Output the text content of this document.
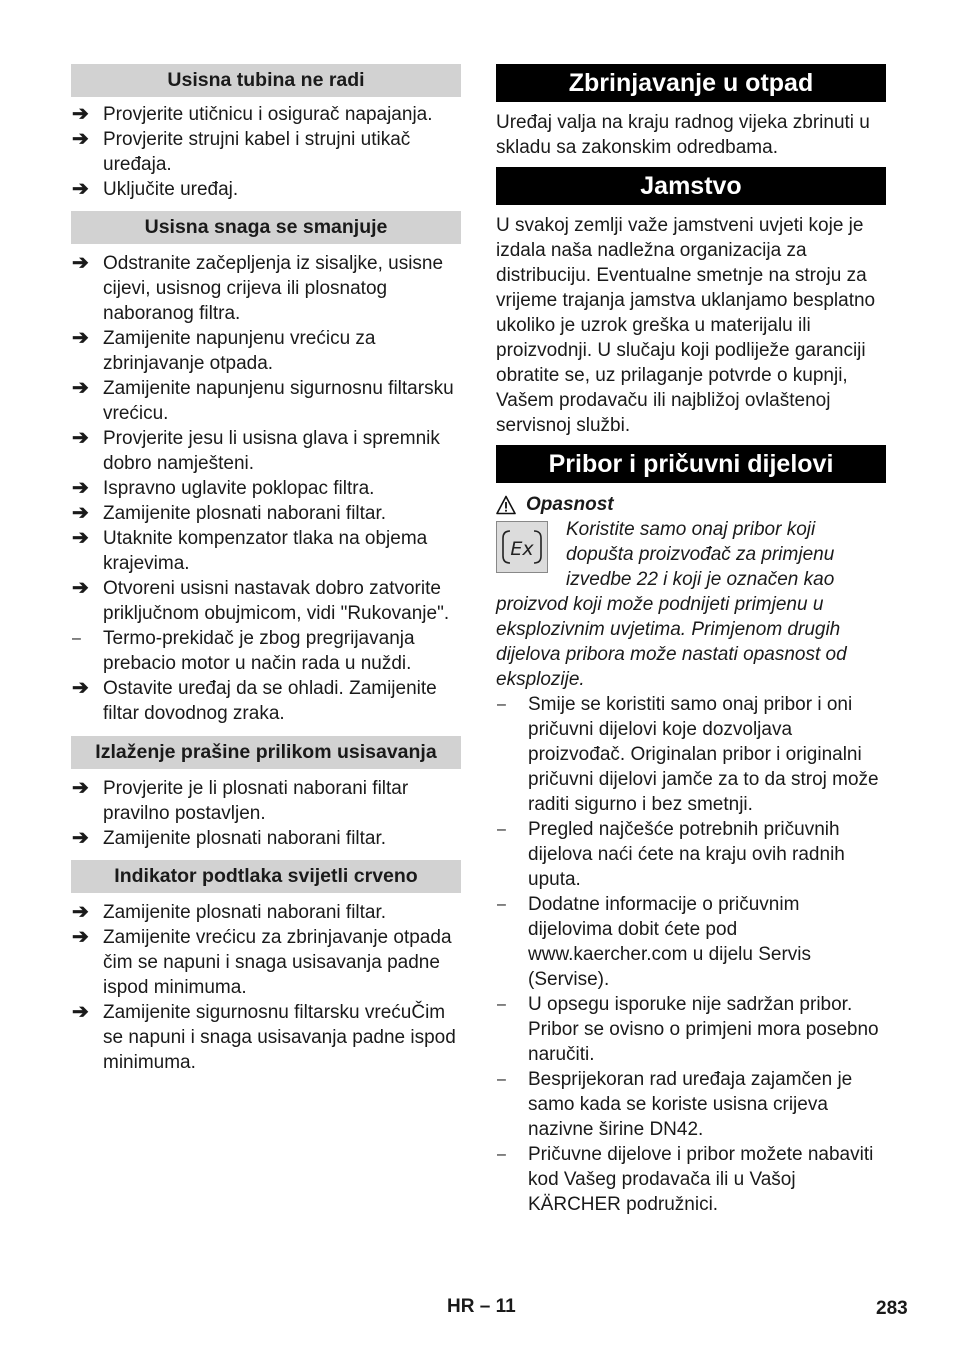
Usisna tubina ne radi
➔ Provjerite utičnicu i osigurač napajanja.
➔ Provjerite strujni kabel i strujni utikač uređaja.
➔ Uključite uređaj.
Usisna snaga se smanjuje
➔ Odstranite začepljenja iz sisaljke, usisne cijevi, usisnog crijeva ili plosnatog naboranog filtra.
➔ Zamijenite napunjenu vrećicu za zbrinjavanje otpada.
➔ Zamijenite napunjenu sigurnosnu filtarsku vrećicu.
➔ Provjerite jesu li usisna glava i spremnik dobro namješteni.
➔ Ispravno uglavite poklopac filtra.
➔ Zamijenite plosnati naborani filtar.
➔ Utaknite kompenzator tlaka na objema krajevima.
➔ Otvoreni usisni nastavak dobro zatvorite priključnom obujmicom, vidi "Rukovanje".
–	Termo-prekidač je zbog pregrijavanja prebacio motor u način rada u nuždi.
➔ Ostavite uređaj da se ohladi. Zamijenite filtar dovodnog zraka.
Izlaženje prašine prilikom usisavanja
➔ Provjerite je li plosnati naborani filtar pravilno postavljen.
➔ Zamijenite plosnati naborani filtar.
Indikator podtlaka svijetli crveno
➔ Zamijenite plosnati naborani filtar.
➔ Zamijenite vrećicu za zbrinjavanje otpada čim se napuni i snaga usisavanja padne ispod minimuma.
➔ Zamijenite sigurnosnu filtarsku vrećuČim se napuni i snaga usisavanja padne ispod minimuma.
Zbrinjavanje u otpad

Uređaj valja na kraju radnog vijeka zbrinuti u skladu sa zakonskim odredbama.

Jamstvo

U svakoj zemlji važe jamstveni uvjeti koje je izdala naša nadležna organizacija za distribuciju. Eventualne smetnje na stroju za vrijeme trajanja jamstva uklanjamo besplatno ukoliko je uzrok greška u materijalu ili proizvodnji. U slučaju koji podliježe garanciji obratite se, uz prilaganje potvrde o kupnji, Vašem prodavaču ili najbližoj ovlaštenoj servisnoj službi.

Pribor i pričuvni dijelovi
Opasnost
Ex

Koristite samo onaj pribor koji dopušta proizvođač za primjenu izvedbe 22 i koji je označen kao proizvod koji može podnijeti primjenu u eksplozivnim uvjetima. Primjenom drugih dijelova pribora može nastati opasnost od eksplozije.

–	Smije se koristiti samo onaj pribor i oni pričuvni dijelovi koje dozvoljava proizvođač. Originalan pribor i originalni pričuvni dijelovi jamče za to da stroj može raditi sigurno i bez smetnji.
–	Pregled najčešće potrebnih pričuvnih dijelova naći ćete na kraju ovih radnih uputa.
–	Dodatne informacije o pričuvnim dijelovima dobit ćete pod www.kaercher.com u dijelu Servis (Servise).
–	U opsegu isporuke nije sadržan pribor. Pribor se ovisno o primjeni mora posebno naručiti.
–	Besprijekoran rad uređaja zajamčen je samo kada se koriste usisna crijeva nazivne širine DN42.
–	Pričuvne dijelove i pribor možete nabaviti kod Vašeg prodavača ili u Vašoj KÄRCHER podružnici.
HR – 11	283
